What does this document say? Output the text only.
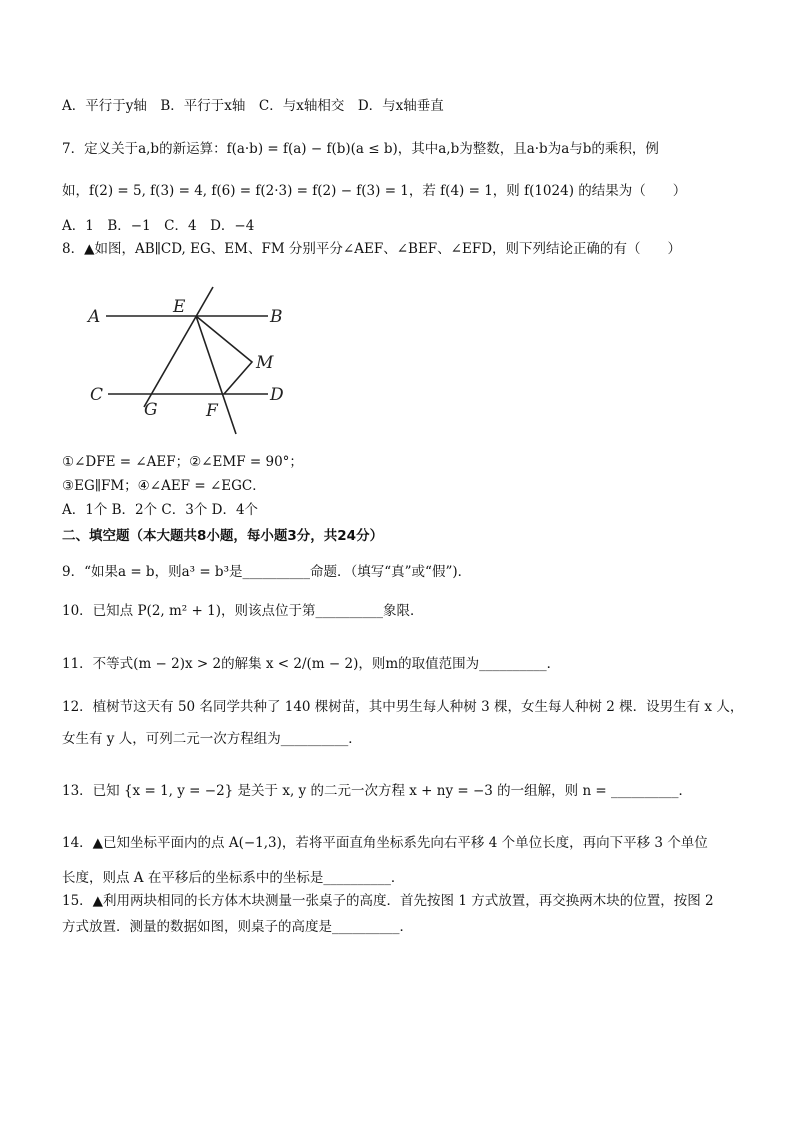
A．平行于y轴　B．平行于x轴　C．与x轴相交　D．与x轴垂直
7．定义关于a,b的新运算：f(a·b) = f(a) − f(b)(a ≤ b)，其中a,b为整数，且a·b为a与b的乘积，例
如，f(2) = 5, f(3) = 4, f(6) = f(2·3) = f(2) − f(3) = 1，若 f(4) = 1，则 f(1024) 的结果为（　　）
A．1　B．−1　C．4　D．−4
8．▲如图，AB∥CD, EG、EM、FM 分别平分∠AEF、∠BEF、∠EFD，则下列结论正确的有（　　）
A	E	B
M
C
G	F
D
①∠DFE = ∠AEF；②∠EMF = 90°；
③EG∥FM；④∠AEF = ∠EGC．
A．1个 B．2个 C．3个 D．4个
二、填空题（本大题共8小题，每小题3分，共24分）
9．“如果a = b，则a³ = b³是__________命题．（填写“真”或“假”)．
10．已知点 P(2, m² + 1)，则该点位于第__________象限．
11．不等式(m − 2)x > 2的解集 x < 2/(m − 2)，则m的取值范围为__________．
12．植树节这天有 50 名同学共种了 140 棵树苗，其中男生每人种树 3 棵，女生每人种树 2 棵．设男生有 x 人，
女生有 y 人，可列二元一次方程组为__________．
13．已知 {x = 1, y = −2} 是关于 x, y 的二元一次方程 x + ny = −3 的一组解，则 n = __________．
14．▲已知坐标平面内的点 A(−1,3)，若将平面直角坐标系先向右平移 4 个单位长度，再向下平移 3 个单位
长度，则点 A 在平移后的坐标系中的坐标是__________．
15．▲利用两块相同的长方体木块测量一张桌子的高度．首先按图 1 方式放置，再交换两木块的位置，按图 2
方式放置．测量的数据如图，则桌子的高度是__________．
